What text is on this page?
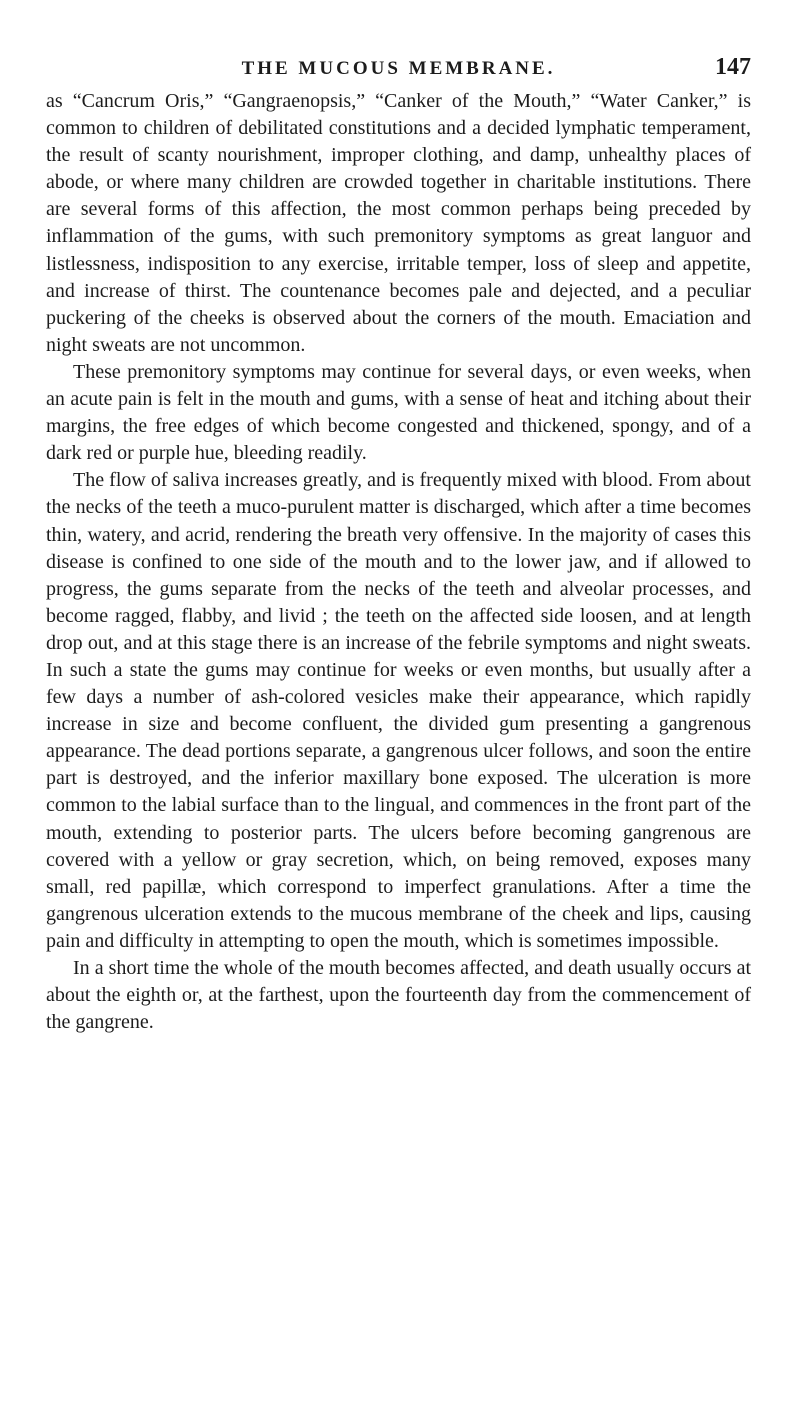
THE MUCOUS MEMBRANE.	147

as “Cancrum Oris,” “Gangraenopsis,” “Canker of the Mouth,” “Water Canker,” is common to children of debilitated constitutions and a decided lymphatic temperament, the result of scanty nourishment, improper clothing, and damp, unhealthy places of abode, or where many children are crowded together in charitable institutions. There are several forms of this affection, the most common perhaps being preceded by inflammation of the gums, with such premonitory symptoms as great languor and listlessness, indisposition to any exercise, irritable temper, loss of sleep and appetite, and increase of thirst. The countenance becomes pale and dejected, and a peculiar puckering of the cheeks is observed about the corners of the mouth. Emaciation and night sweats are not uncommon.

These premonitory symptoms may continue for several days, or even weeks, when an acute pain is felt in the mouth and gums, with a sense of heat and itching about their margins, the free edges of which become congested and thickened, spongy, and of a dark red or purple hue, bleeding readily.

The flow of saliva increases greatly, and is frequently mixed with blood. From about the necks of the teeth a muco-purulent matter is discharged, which after a time becomes thin, watery, and acrid, rendering the breath very offensive. In the majority of cases this disease is confined to one side of the mouth and to the lower jaw, and if allowed to progress, the gums separate from the necks of the teeth and alveolar processes, and become ragged, flabby, and livid ; the teeth on the affected side loosen, and at length drop out, and at this stage there is an increase of the febrile symptoms and night sweats. In such a state the gums may continue for weeks or even months, but usually after a few days a number of ash-colored vesicles make their appearance, which rapidly increase in size and become confluent, the divided gum presenting a gangrenous appearance. The dead portions separate, a gangrenous ulcer follows, and soon the entire part is destroyed, and the inferior maxillary bone exposed. The ulceration is more common to the labial surface than to the lingual, and commences in the front part of the mouth, extending to posterior parts. The ulcers before becoming gangrenous are covered with a yellow or gray secretion, which, on being removed, exposes many small, red papillæ, which correspond to imperfect granulations. After a time the gangrenous ulceration extends to the mucous membrane of the cheek and lips, causing pain and difficulty in attempting to open the mouth, which is sometimes impossible.

In a short time the whole of the mouth becomes affected, and death usually occurs at about the eighth or, at the farthest, upon the fourteenth day from the commencement of the gangrene.
